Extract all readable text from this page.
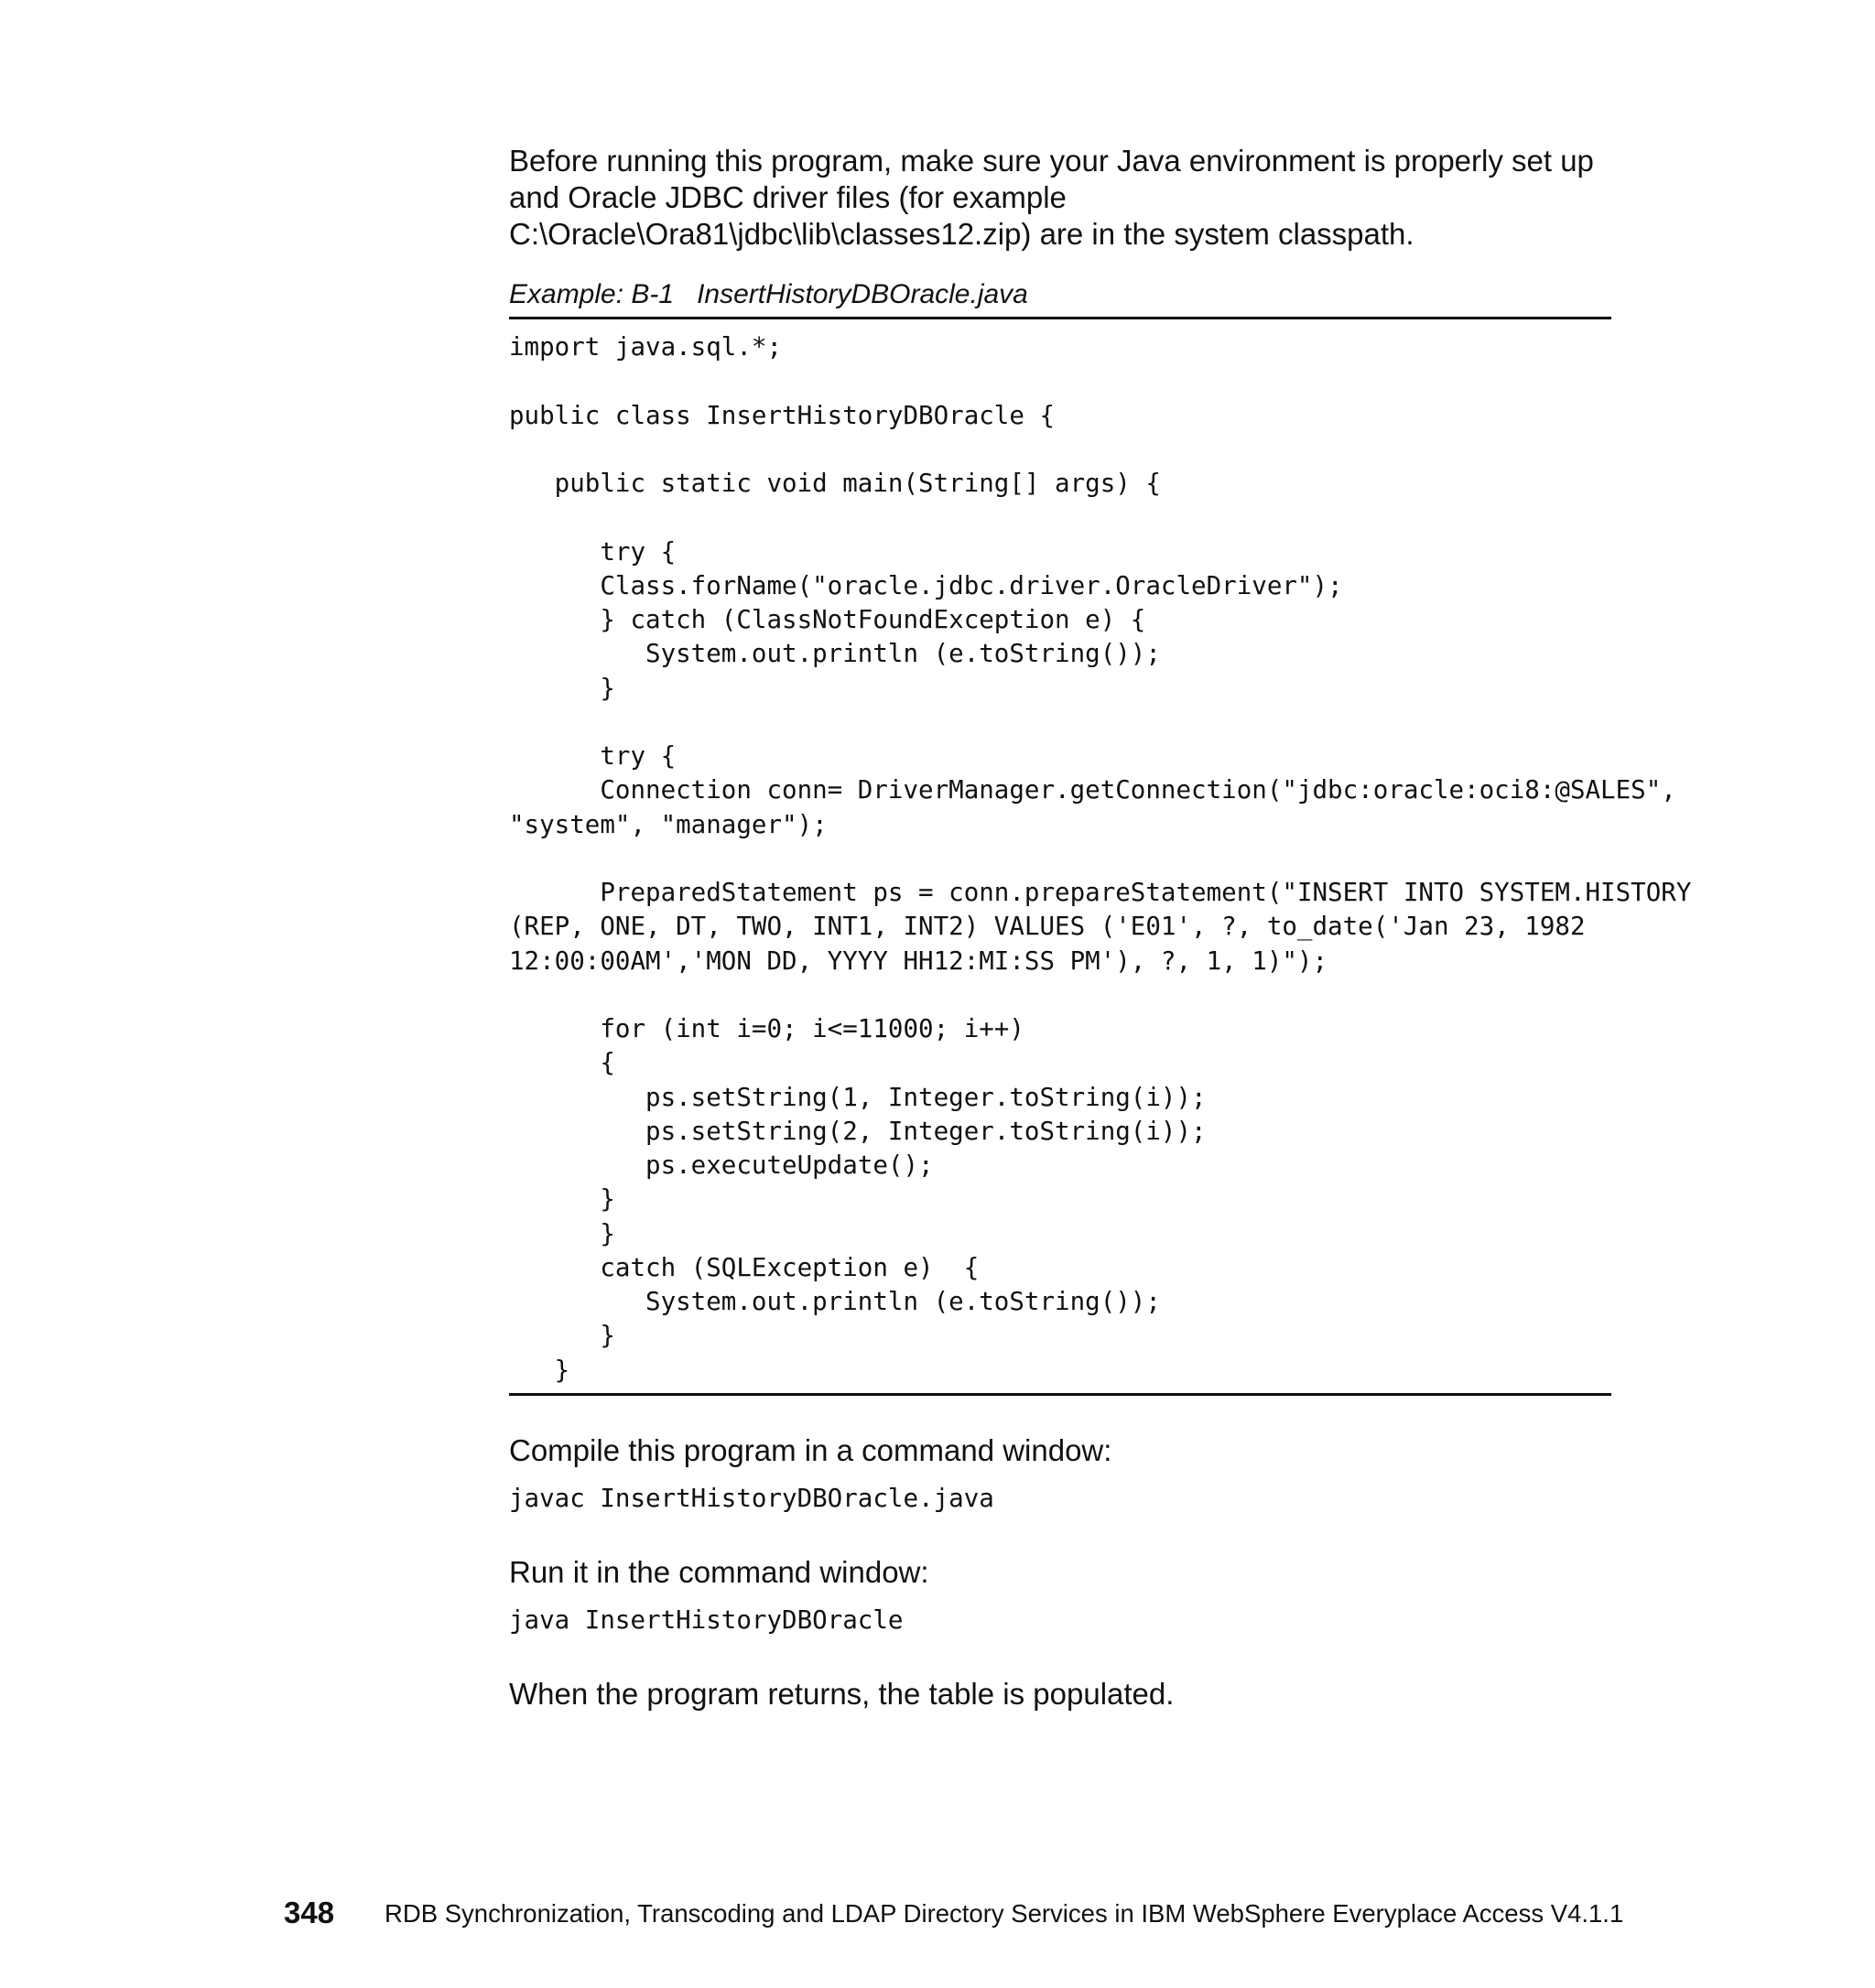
Before running this program, make sure your Java environment is properly set up
and Oracle JDBC driver files (for example
C:\Oracle\Ora81\jdbc\lib\classes12.zip) are in the system classpath.

Example: B-1   InsertHistoryDBOracle.java
import java.sql.*;

public class InsertHistoryDBOracle {

public static void main(String[] args) {

try {
Class.forName("oracle.jdbc.driver.OracleDriver");
} catch (ClassNotFoundException e) {
System.out.println (e.toString());
}

try {
Connection conn= DriverManager.getConnection("jdbc:oracle:oci8:@SALES",
"system", "manager");

PreparedStatement ps = conn.prepareStatement("INSERT INTO SYSTEM.HISTORY
(REP, ONE, DT, TWO, INT1, INT2) VALUES ('E01', ?, to_date('Jan 23, 1982
12:00:00AM','MON DD, YYYY HH12:MI:SS PM'), ?, 1, 1)");

for (int i=0; i<=11000; i++)
{
ps.setString(1, Integer.toString(i));
ps.setString(2, Integer.toString(i));
ps.executeUpdate();
}
}
catch (SQLException e)  {
System.out.println (e.toString());
}
}

Compile this program in a command window:

javac InsertHistoryDBOracle.java

Run it in the command window:

java InsertHistoryDBOracle

When the program returns, the table is populated.

348 RDB Synchronization, Transcoding and LDAP Directory Services in IBM WebSphere Everyplace Access V4.1.1
